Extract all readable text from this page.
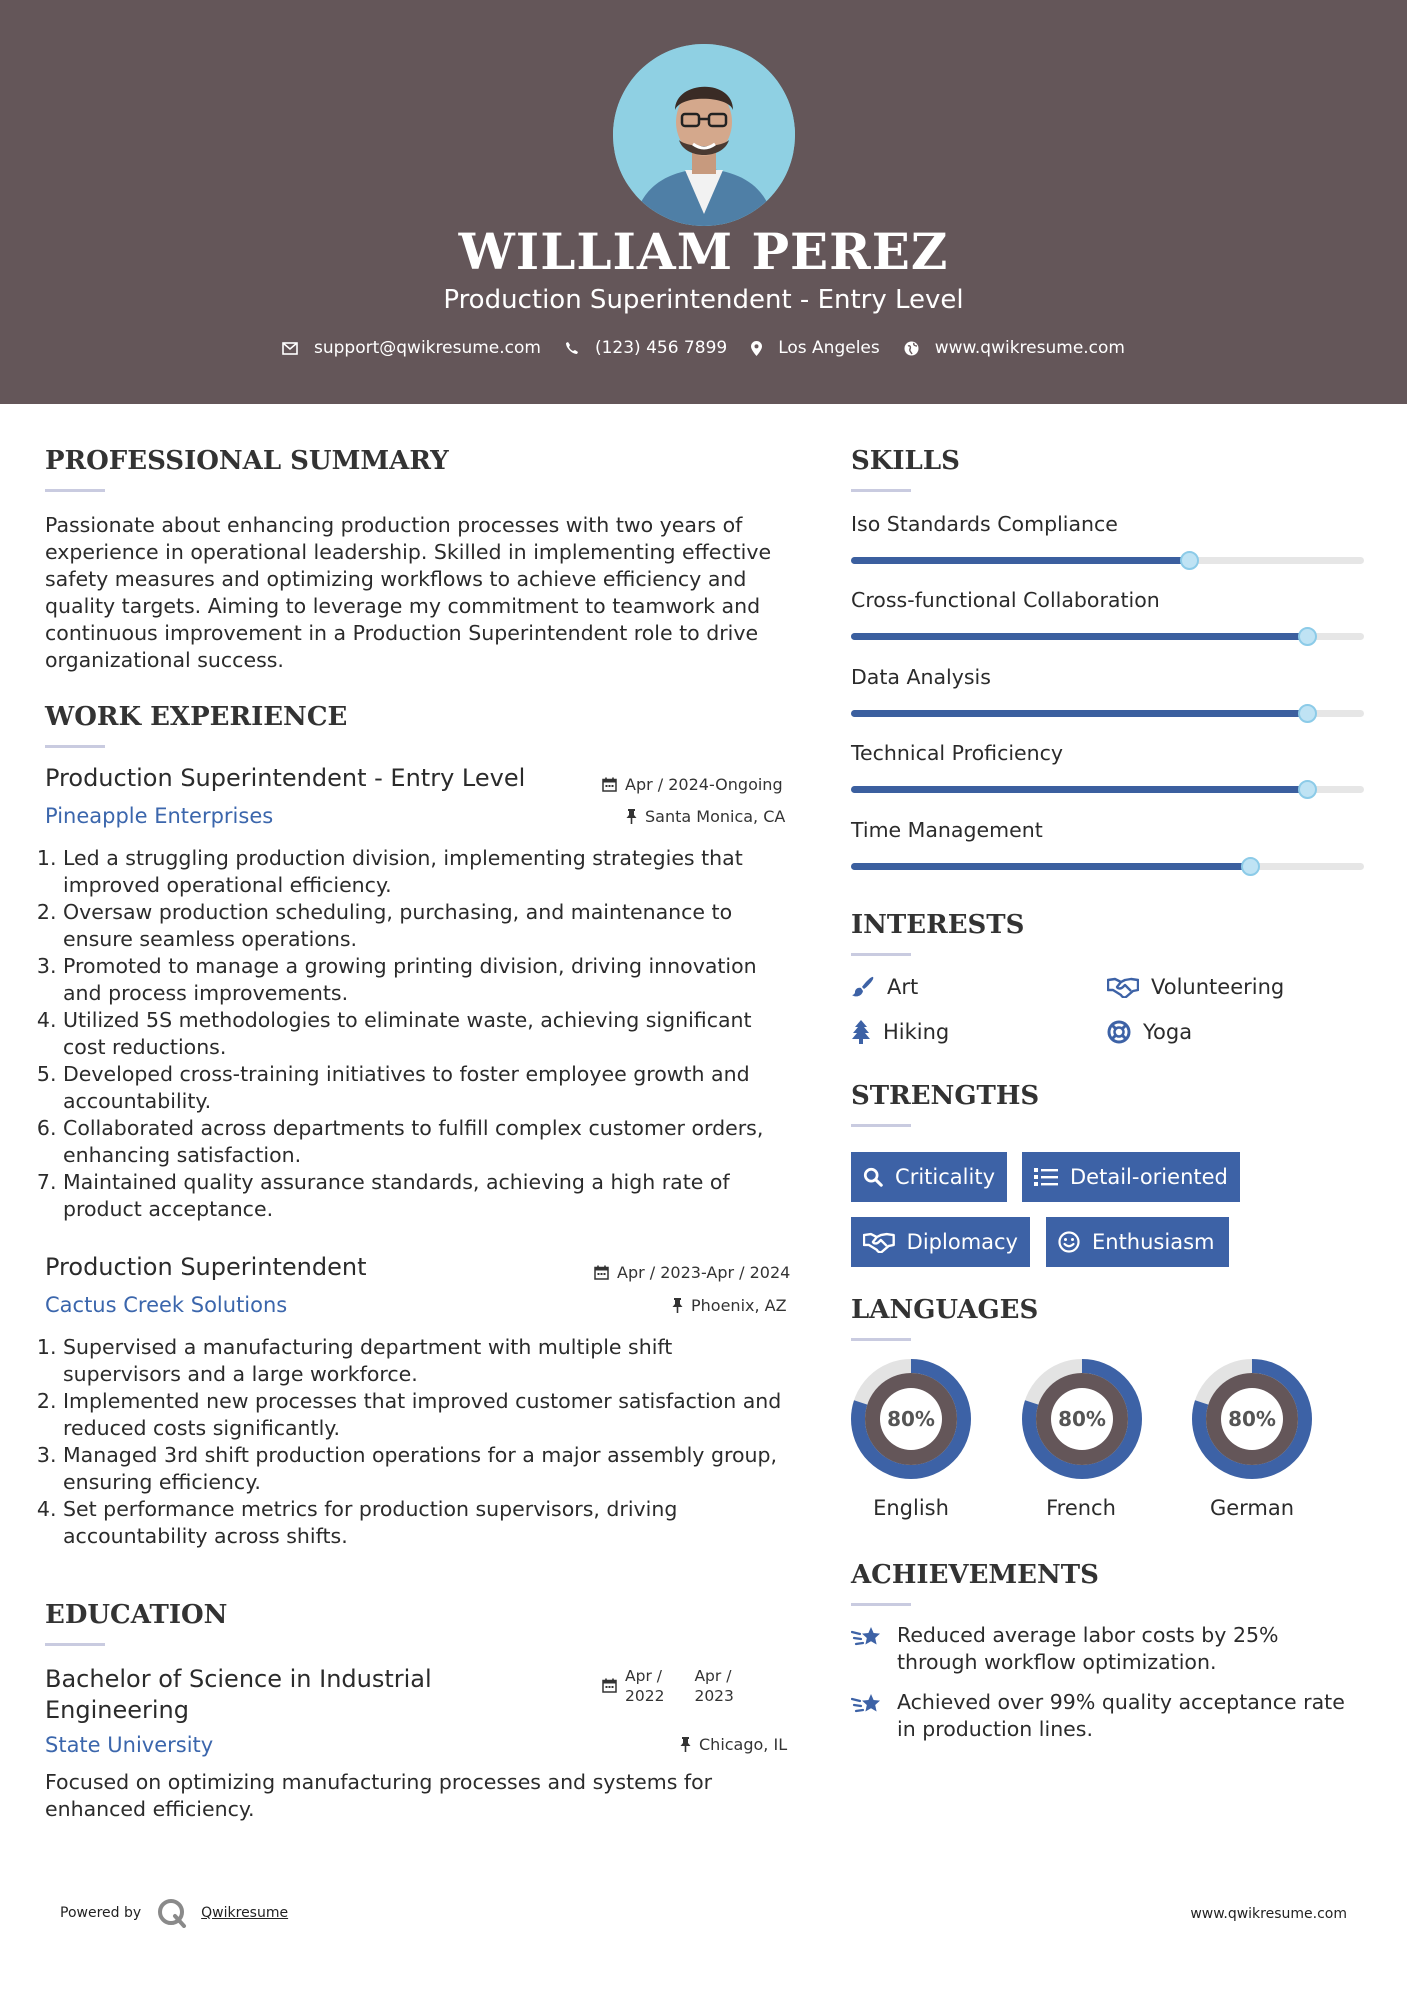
WILLIAM PEREZ
Production Superintendent - Entry Level
support@qwikresume.com	(123) 456 7899	Los Angeles	www.qwikresume.com
PROFESSIONAL SUMMARY
Passionate about enhancing production processes with two years of
experience in operational leadership. Skilled in implementing effective
safety measures and optimizing workflows to achieve efficiency and
quality targets. Aiming to leverage my commitment to teamwork and
continuous improvement in a Production Superintendent role to drive
organizational success.
WORK EXPERIENCE
Production Superintendent - Entry Level	Apr / 2024-Ongoing
Pineapple Enterprises	Santa Monica, CA
1. Led a struggling production division, implementing strategies that improved operational efficiency.
2. Oversaw production scheduling, purchasing, and maintenance to ensure seamless operations.
3. Promoted to manage a growing printing division, driving innovation and process improvements.
4. Utilized 5S methodologies to eliminate waste, achieving significant cost reductions.
5. Developed cross-training initiatives to foster employee growth and accountability.
6. Collaborated across departments to fulfill complex customer orders, enhancing satisfaction.
7. Maintained quality assurance standards, achieving a high rate of product acceptance.
Production Superintendent	Apr / 2023-Apr / 2024
Cactus Creek Solutions	Phoenix, AZ
1. Supervised a manufacturing department with multiple shift supervisors and a large workforce.
2. Implemented new processes that improved customer satisfaction and reduced costs significantly.
3. Managed 3rd shift production operations for a major assembly group, ensuring efficiency.
4. Set performance metrics for production supervisors, driving accountability across shifts.
EDUCATION
Bachelor of Science in Industrial
Engineering
Apr /
2022
Apr /
2023
State University	Chicago, IL
Focused on optimizing manufacturing processes and systems for enhanced efficiency.
SKILLS
Iso Standards Compliance
Cross-functional Collaboration
Data Analysis
Technical Proficiency
Time Management
INTERESTS
Art	Volunteering
Hiking	Yoga
STRENGTHS
Criticality	Detail-oriented
Diplomacy	Enthusiasm
LANGUAGES
80%
English
80%
French
80%
German
ACHIEVEMENTS
Reduced average labor costs by 25%
through workflow optimization.
Achieved over 99% quality acceptance rate
in production lines.
Powered by	Qwikresume	www.qwikresume.com
